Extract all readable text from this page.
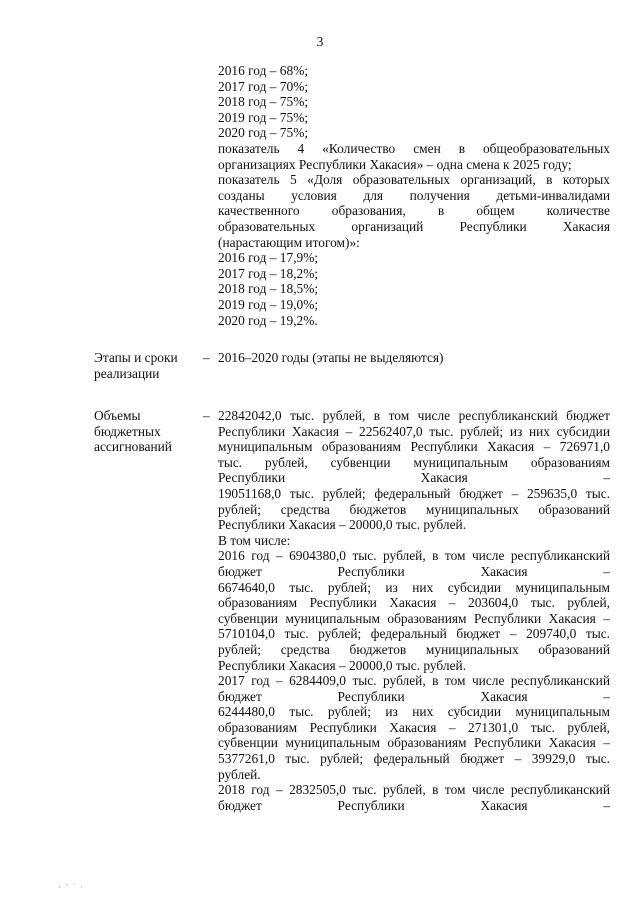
3
2016 год – 68%;
2017 год – 70%;
2018 год – 75%;
2019 год – 75%;
2020 год – 75%;
показатель 4 «Количество смен в общеобразовательных
организациях Республики Хакасия» – одна смена к 2025 году;
показатель 5 «Доля образовательных организаций, в которых
созданы условия для получения детьми-инвалидами
качественного образования, в общем количестве
образовательных организаций Республики Хакасия
(нарастающим итогом)»:
2016 год – 17,9%;
2017 год – 18,2%;
2018 год – 18,5%;
2019 год – 19,0%;
2020 год – 19,2%.
Этапы и сроки
реализации
– 2016–2020 годы (этапы не выделяются)
Объемы
бюджетных
ассигнований
– 22842042,0 тыс. рублей, в том числе республиканский бюджет
Республики Хакасия – 22562407,0 тыс. рублей; из них субсидии
муниципальным образованиям Республики Хакасия – 726971,0
тыс. рублей, субвенции муниципальным образованиям
Республики Хакасия –
19051168,0 тыс. рублей; федеральный бюджет – 259635,0 тыс.
рублей; средства бюджетов муниципальных образований
Республики Хакасия – 20000,0 тыс. рублей.
В том числе:
2016 год – 6904380,0 тыс. рублей, в том числе республиканский
бюджет Республики Хакасия –
6674640,0 тыс. рублей; из них субсидии муниципальным
образованиям Республики Хакасия – 203604,0 тыс. рублей,
субвенции муниципальным образованиям Республики Хакасия –
5710104,0 тыс. рублей; федеральный бюджет – 209740,0 тыс.
рублей; средства бюджетов муниципальных образований
Республики Хакасия – 20000,0 тыс. рублей.
2017 год – 6284409,0 тыс. рублей, в том числе республиканский
бюджет Республики Хакасия –
6244480,0 тыс. рублей; из них субсидии муниципальным
образованиям Республики Хакасия – 271301,0 тыс. рублей,
субвенции муниципальным образованиям Республики Хакасия –
5377261,0 тыс. рублей; федеральный бюджет – 39929,0 тыс.
рублей.
2018 год – 2832505,0 тыс. рублей, в том числе республиканский
бюджет Республики Хакасия –
· ¨ ˙ ·
